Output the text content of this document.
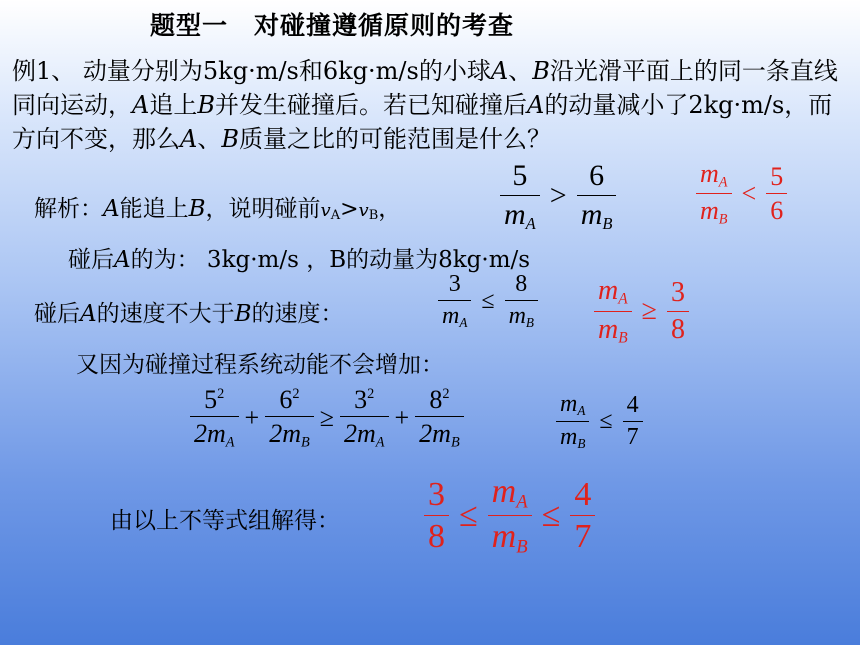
题型一　对碰撞遵循原则的考查
例1、 动量分别为5kg·m/s和6kg·m/s的小球A、B沿光滑平面上的同一条直线同向运动，A追上B并发生碰撞后。若已知碰撞后A的动量减小了2kg·m/s，而方向不变，那么A、B质量之比的可能范围是什么？
解析：A能追上B，说明碰前$v_A>v_B$，	$\frac{5}{m_A} > \frac{6}{m_B}$	$\frac{m_A}{m_B} < \frac{5}{6}$
碰后A的为： 3kg·m/s ，B的动量为8kg·m/s
碰后A的速度不大于B的速度：	$\frac{3}{m_A} \le \frac{8}{m_B} \frac{m_A}{m_B} \ge \frac{3}{8}$
又因为碰撞过程系统动能不会增加：
$\frac{5^2}{2m_A} + \frac{6^2}{2m_B} \ge \frac{3^2}{2m_A} + \frac{8^2}{2m_B}$	$\frac{m_A}{m_B} \le \frac{4}{7}$
由以上不等式组解得： $\frac{3}{8} \le \frac{m_A}{m_B} \le \frac{4}{7}$
